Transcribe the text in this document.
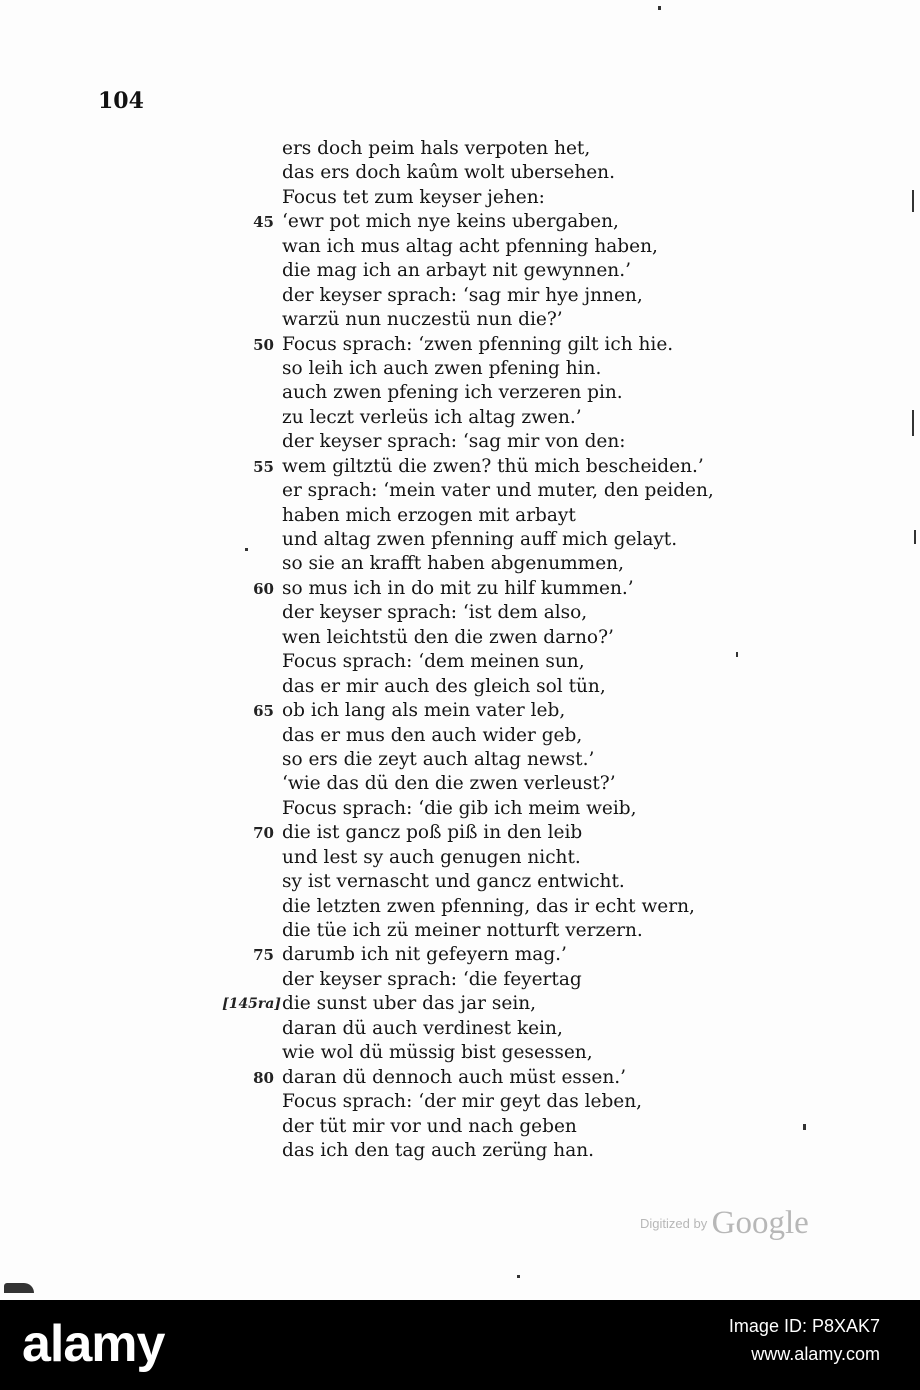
104
ers doch peim hals verpoten het,
das ers doch kaûm wolt ubersehen.
Focus tet zum keyser jehen:
45 ‘ewr pot mich nye keins ubergaben,
wan ich mus altag acht pfenning haben,
die mag ich an arbayt nit gewynnen.’
der keyser sprach: ‘sag mir hye jnnen,
warzü nun nuczestü nun die?’
50 Focus sprach: ‘zwen pfenning gilt ich hie.
so leih ich auch zwen pfening hin.
auch zwen pfening ich verzeren pin.
zu leczt verleüs ich altag zwen.’
der keyser sprach: ‘sag mir von den:
55 wem giltztü die zwen? thü mich bescheiden.’
er sprach: ‘mein vater und muter, den peiden,
haben mich erzogen mit arbayt
und altag zwen pfenning auff mich gelayt.
so sie an krafft haben abgenummen,
60 so mus ich in do mit zu hilf kummen.’
der keyser sprach: ‘ist dem also,
wen leichtstü den die zwen darno?’
Focus sprach: ‘dem meinen sun,
das er mir auch des gleich sol tün,
65 ob ich lang als mein vater leb,
das er mus den auch wider geb,
so ers die zeyt auch altag newst.’
‘wie das dü den die zwen verleust?’
Focus sprach: ‘die gib ich meim weib,
70 die ist gancz poß piß in den leib
und lest sy auch genugen nicht.
sy ist vernascht und gancz entwicht.
die letzten zwen pfenning, das ir echt wern,
die tüe ich zü meiner notturft verzern.
75 darumb ich nit gefeyern mag.’
der keyser sprach: ‘die feyertag
[145ra] die sunst uber das jar sein,
daran dü auch verdinest kein,
wie wol dü müssig bist gesessen,
80 daran dü dennoch auch müst essen.’
Focus sprach: ‘der mir geyt das leben,
der tüt mir vor und nach geben
das ich den tag auch zerüng han.
Digitized by Google
alamy	Image ID: P8XAK7
www.alamy.com
